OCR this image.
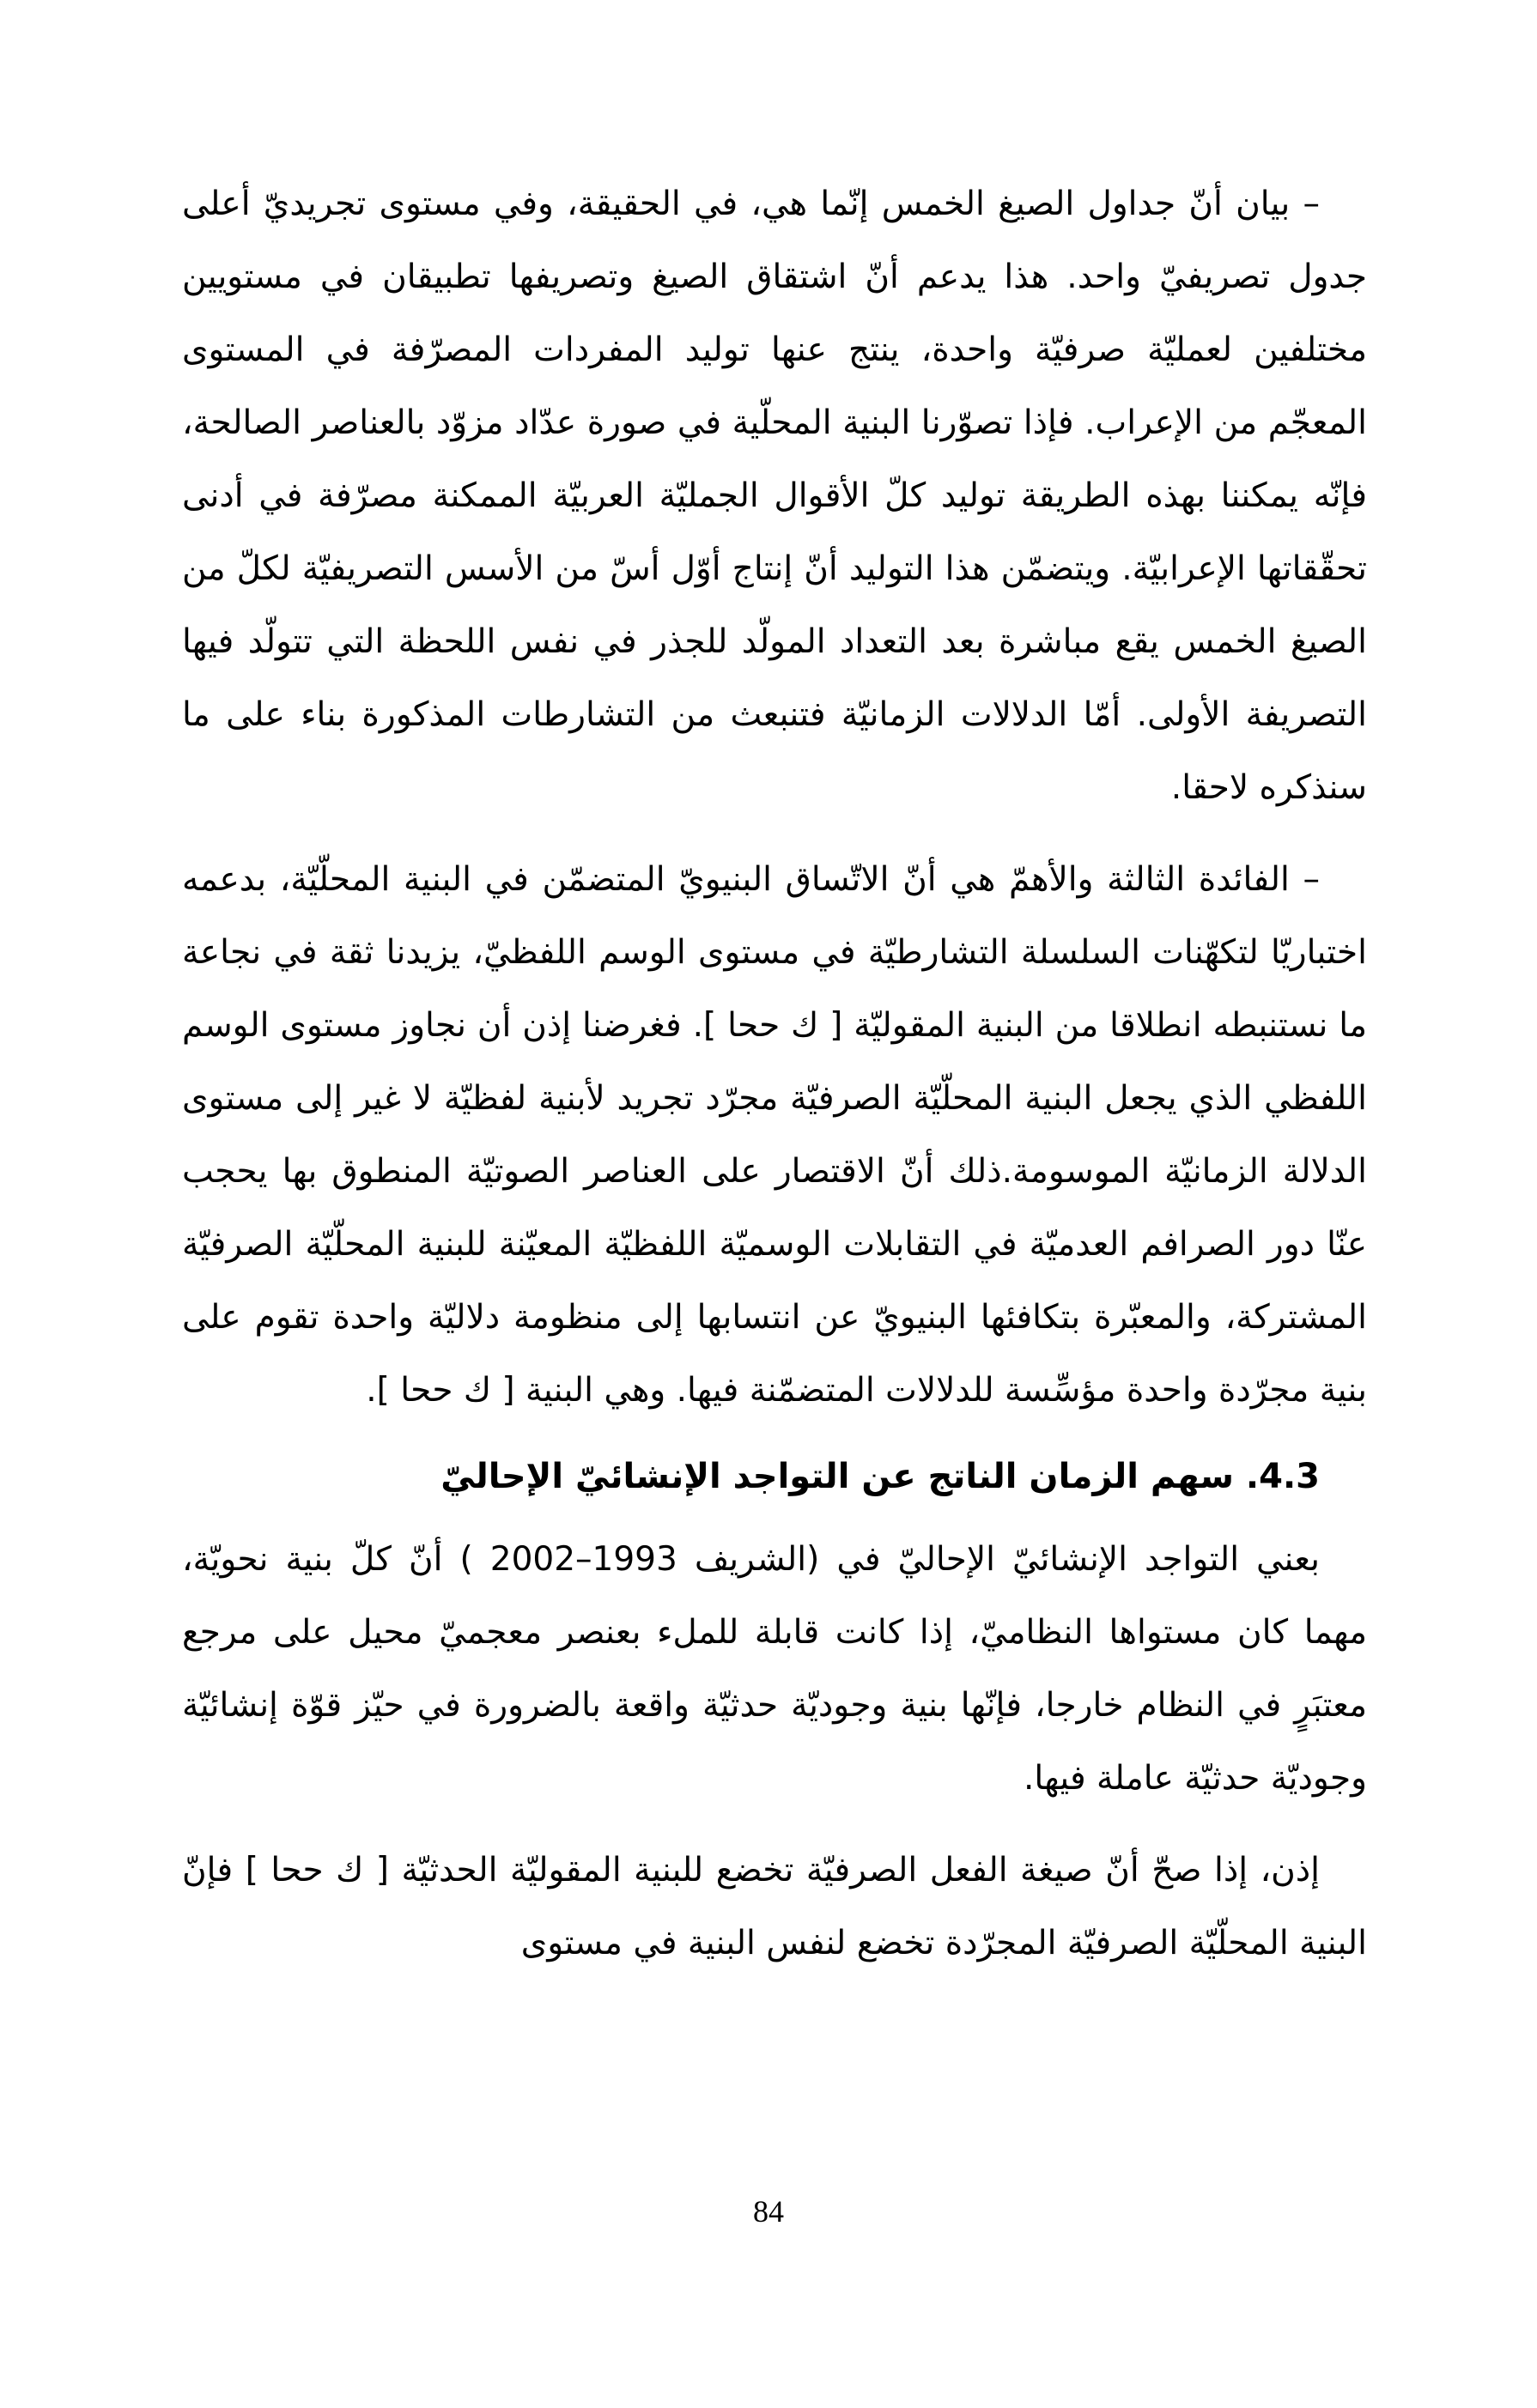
– بيان أنّ جداول الصيغ الخمس إنّما هي، في الحقيقة، وفي مستوى تجريديّ أعلى جدول تصريفيّ واحد. هذا يدعم أنّ اشتقاق الصيغ وتصريفها تطبيقان في مستويين مختلفين لعمليّة صرفيّة واحدة، ينتج عنها توليد المفردات المصرّفة في المستوى المعجّم من الإعراب. فإذا تصوّرنا البنية المحلّية في صورة عدّاد مزوّد بالعناصر الصالحة، فإنّه يمكننا بهذه الطريقة توليد كلّ الأقوال الجمليّة العربيّة الممكنة مصرّفة في أدنى تحقّقاتها الإعرابيّة. ويتضمّن هذا التوليد أنّ إنتاج أوّل أسّ من الأسس التصريفيّة لكلّ من الصيغ الخمس يقع مباشرة بعد التعداد المولّد للجذر في نفس اللحظة التي تتولّد فيها التصريفة الأولى. أمّا الدلالات الزمانيّة فتنبعث من التشارطات المذكورة بناء على ما سنذكره لاحقا.

– الفائدة الثالثة والأهمّ هي أنّ الاتّساق البنيويّ المتضمّن في البنية المحلّيّة، بدعمه اختباريّا لتكهّنات السلسلة التشارطيّة في مستوى الوسم اللفظيّ، يزيدنا ثقة في نجاعة ما نستنبطه انطلاقا من البنية المقوليّة [ ك ححا ]. فغرضنا إذن أن نجاوز مستوى الوسم اللفظي الذي يجعل البنية المحلّيّة الصرفيّة مجرّد تجريد لأبنية لفظيّة لا غير إلى مستوى الدلالة الزمانيّة الموسومة.ذلك أنّ الاقتصار على العناصر الصوتيّة المنطوق بها يحجب عنّا دور الصرافم العدميّة في التقابلات الوسميّة اللفظيّة المعيّنة للبنية المحلّيّة الصرفيّة المشتركة، والمعبّرة بتكافئها البنيويّ عن انتسابها إلى منظومة دلاليّة واحدة تقوم على بنية مجرّدة واحدة مؤسِّسة للدلالات المتضمّنة فيها. وهي البنية [ ك ححا ].

4.3. سهم الزمان الناتج عن التواجد الإنشائيّ الإحاليّ

بعني التواجد الإنشائيّ الإحاليّ في (الشريف 1993–2002 ) أنّ كلّ بنية نحويّة، مهما كان مستواها النظاميّ، إذا كانت قابلة للملء بعنصر معجميّ محيل على مرجع معتبَرٍ في النظام خارجا، فإنّها بنية وجوديّة حدثيّة واقعة بالضرورة في حيّز قوّة إنشائيّة وجوديّة حدثيّة عاملة فيها.

إذن، إذا صحّ أنّ صيغة الفعل الصرفيّة تخضع للبنية المقوليّة الحدثيّة [ ك ححا ] فإنّ البنية المحلّيّة الصرفيّة المجرّدة تخضع لنفس البنية في مستوى

84
